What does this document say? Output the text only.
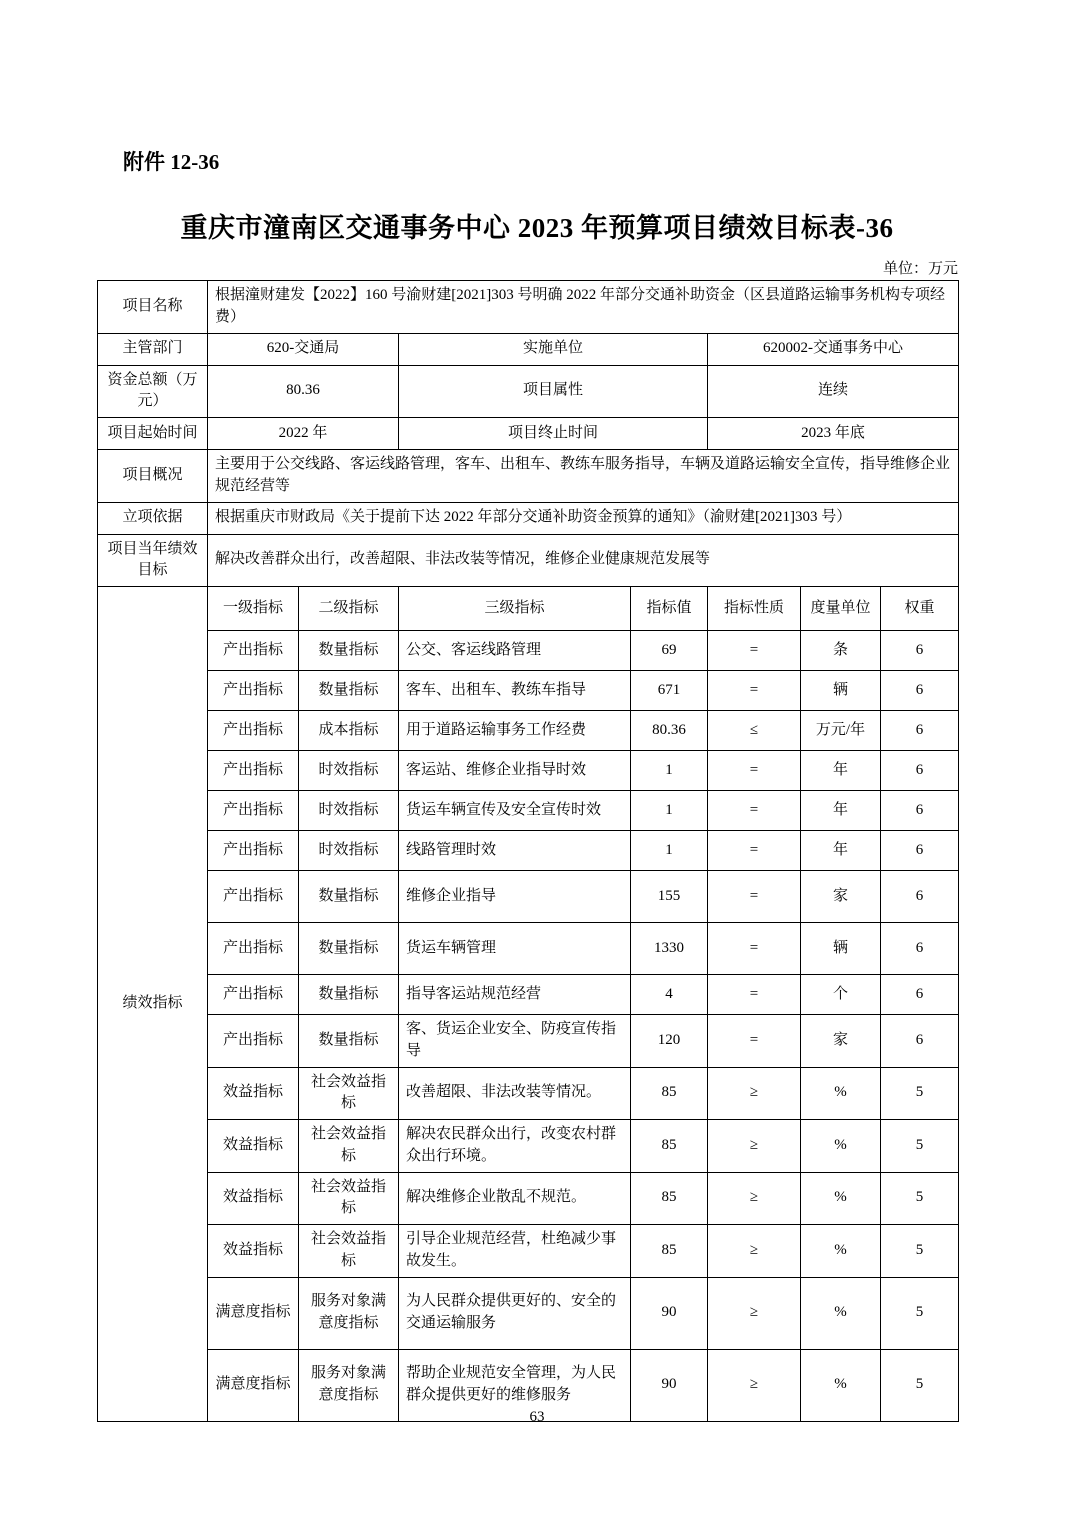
附件 12-36
重庆市潼南区交通事务中心 2023 年预算项目绩效目标表-36
单位：万元
项目名称	根据潼财建发【2022】160 号渝财建[2021]303 号明确 2022 年部分交通补助资金（区县道路运输事务机构专项经费）						
主管部门	620-交通局		实施单位		620002-交通事务中心		
资金总额（万元）	80.36		项目属性		连续		
项目起始时间	2022 年		项目终止时间		2023 年底		
项目概况	主要用于公交线路、客运线路管理，客车、出租车、教练车服务指导，车辆及道路运输安全宣传，指导维修企业规范经营等						
立项依据	根据重庆市财政局《关于提前下达 2022 年部分交通补助资金预算的通知》（渝财建[2021]303 号）						
项目当年绩效目标	解决改善群众出行，改善超限、非法改装等情况，维修企业健康规范发展等						
绩效指标	一级指标	二级指标	三级指标	指标值	指标性质	度量单位	权重
	产出指标	数量指标	公交、客运线路管理	69	=	条	6
	产出指标	数量指标	客车、出租车、教练车指导	671	=	辆	6
	产出指标	成本指标	用于道路运输事务工作经费	80.36	≤	万元/年	6
	产出指标	时效指标	客运站、维修企业指导时效	1	=	年	6
	产出指标	时效指标	货运车辆宣传及安全宣传时效	1	=	年	6
	产出指标	时效指标	线路管理时效	1	=	年	6
	产出指标	数量指标	维修企业指导	155	=	家	6
	产出指标	数量指标	货运车辆管理	1330	=	辆	6
	产出指标	数量指标	指导客运站规范经营	4	=	个	6
	产出指标	数量指标	客、货运企业安全、防疫宣传指导	120	=	家	6
	效益指标	社会效益指标	改善超限、非法改装等情况。	85	≥	%	5
	效益指标	社会效益指标	解决农民群众出行，改变农村群众出行环境。	85	≥	%	5
	效益指标	社会效益指标	解决维修企业散乱不规范。	85	≥	%	5
	效益指标	社会效益指标	引导企业规范经营，杜绝减少事故发生。	85	≥	%	5
	满意度指标	服务对象满意度指标	为人民群众提供更好的、安全的交通运输服务	90	≥	%	5
	满意度指标	服务对象满意度指标	帮助企业规范安全管理，为人民群众提供更好的维修服务	90	≥	%	5
63
